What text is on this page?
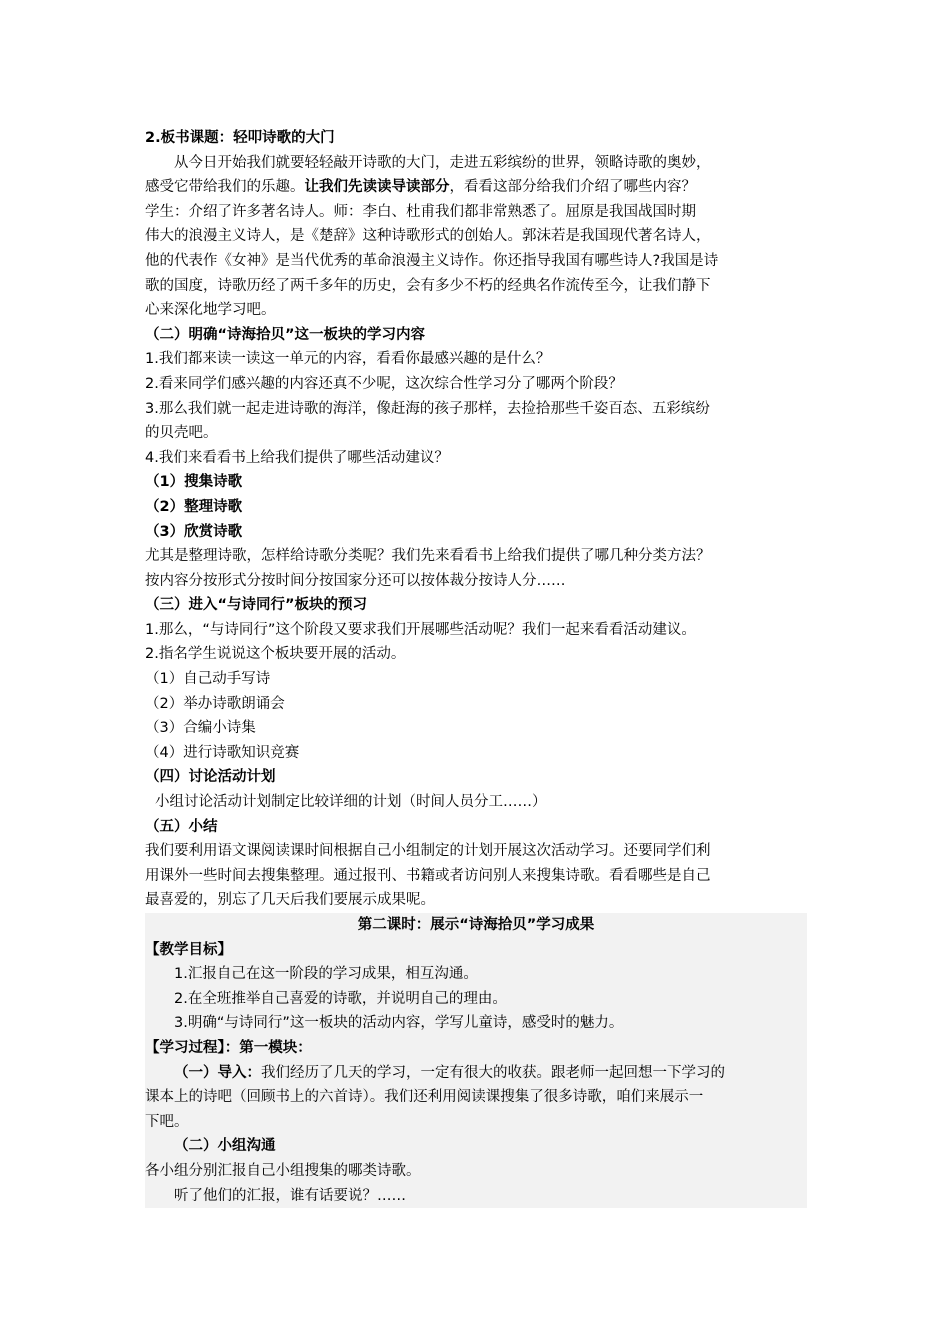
2.板书课题：轻叩诗歌的大门

从今日开始我们就要轻轻敲开诗歌的大门，走进五彩缤纷的世界，领略诗歌的奥妙，

感受它带给我们的乐趣。让我们先读读导读部分，看看这部分给我们介绍了哪些内容？

学生：介绍了许多著名诗人。师：李白、杜甫我们都非常熟悉了。屈原是我国战国时期

伟大的浪漫主义诗人，是《楚辞》这种诗歌形式的创始人。郭沫若是我国现代著名诗人，

他的代表作《女神》是当代优秀的革命浪漫主义诗作。你还指导我国有哪些诗人?我国是诗

歌的国度，诗歌历经了两千多年的历史，会有多少不朽的经典名作流传至今，让我们静下

心来深化地学习吧。

（二）明确“诗海拾贝”这一板块的学习内容

1.我们都来读一读这一单元的内容，看看你最感兴趣的是什么？

2.看来同学们感兴趣的内容还真不少呢，这次综合性学习分了哪两个阶段？

3.那么我们就一起走进诗歌的海洋，像赶海的孩子那样，去捡拾那些千姿百态、五彩缤纷

的贝壳吧。

4.我们来看看书上给我们提供了哪些活动建议？

（1）搜集诗歌

（2）整理诗歌

（3）欣赏诗歌

尤其是整理诗歌，怎样给诗歌分类呢？我们先来看看书上给我们提供了哪几种分类方法？

按内容分按形式分按时间分按国家分还可以按体裁分按诗人分……

（三）进入“与诗同行”板块的预习

1.那么，“与诗同行”这个阶段又要求我们开展哪些活动呢？我们一起来看看活动建议。

2.指名学生说说这个板块要开展的活动。

（1）自己动手写诗

（2）举办诗歌朗诵会

（3）合编小诗集

（4）进行诗歌知识竞赛

（四）讨论活动计划

小组讨论活动计划制定比较详细的计划（时间人员分工……）

（五）小结

我们要利用语文课阅读课时间根据自己小组制定的计划开展这次活动学习。还要同学们利

用课外一些时间去搜集整理。通过报刊、书籍或者访问别人来搜集诗歌。看看哪些是自己

最喜爱的，别忘了几天后我们要展示成果呢。

第二课时：展示“诗海拾贝”学习成果

【教学目标】

1.汇报自己在这一阶段的学习成果，相互沟通。

2.在全班推举自己喜爱的诗歌，并说明自己的理由。

3.明确“与诗同行”这一板块的活动内容，学写儿童诗，感受时的魅力。

【学习过程】：第一模块：

（一）导入：我们经历了几天的学习，一定有很大的收获。跟老师一起回想一下学习的

课本上的诗吧（回顾书上的六首诗）。我们还利用阅读课搜集了很多诗歌，咱们来展示一

下吧。

（二）小组沟通

各小组分别汇报自己小组搜集的哪类诗歌。

听了他们的汇报，谁有话要说？……
